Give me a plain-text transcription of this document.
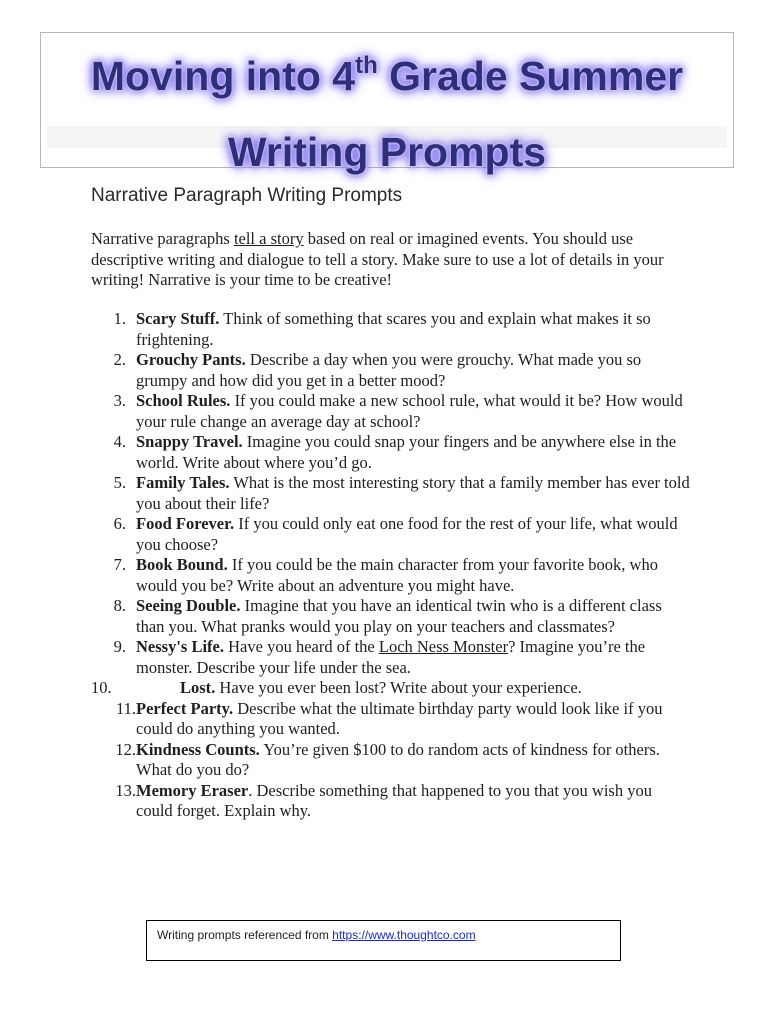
Moving into 4th Grade Summer
Writing Prompts
Narrative Paragraph Writing Prompts
Narrative paragraphs tell a story based on real or imagined events. You should use descriptive writing and dialogue to tell a story. Make sure to use a lot of details in your writing! Narrative is your time to be creative!
1. Scary Stuff. Think of something that scares you and explain what makes it so frightening.
2. Grouchy Pants. Describe a day when you were grouchy. What made you so grumpy and how did you get in a better mood?
3. School Rules. If you could make a new school rule, what would it be? How would your rule change an average day at school?
4. Snappy Travel. Imagine you could snap your fingers and be anywhere else in the world. Write about where you’d go.
5. Family Tales. What is the most interesting story that a family member has ever told you about their life?
6. Food Forever. If you could only eat one food for the rest of your life, what would you choose?
7. Book Bound. If you could be the main character from your favorite book, who would you be? Write about an adventure you might have.
8. Seeing Double. Imagine that you have an identical twin who is a different class than you. What pranks would you play on your teachers and classmates?
9. Nessy's Life. Have you heard of the Loch Ness Monster? Imagine you’re the monster. Describe your life under the sea.
10.	Lost. Have you ever been lost? Write about your experience.
11. Perfect Party. Describe what the ultimate birthday party would look like if you could do anything you wanted.
12. Kindness Counts. You’re given $100 to do random acts of kindness for others. What do you do?
13. Memory Eraser. Describe something that happened to you that you wish you could forget. Explain why.
Writing prompts referenced from https://www.thoughtco.com
